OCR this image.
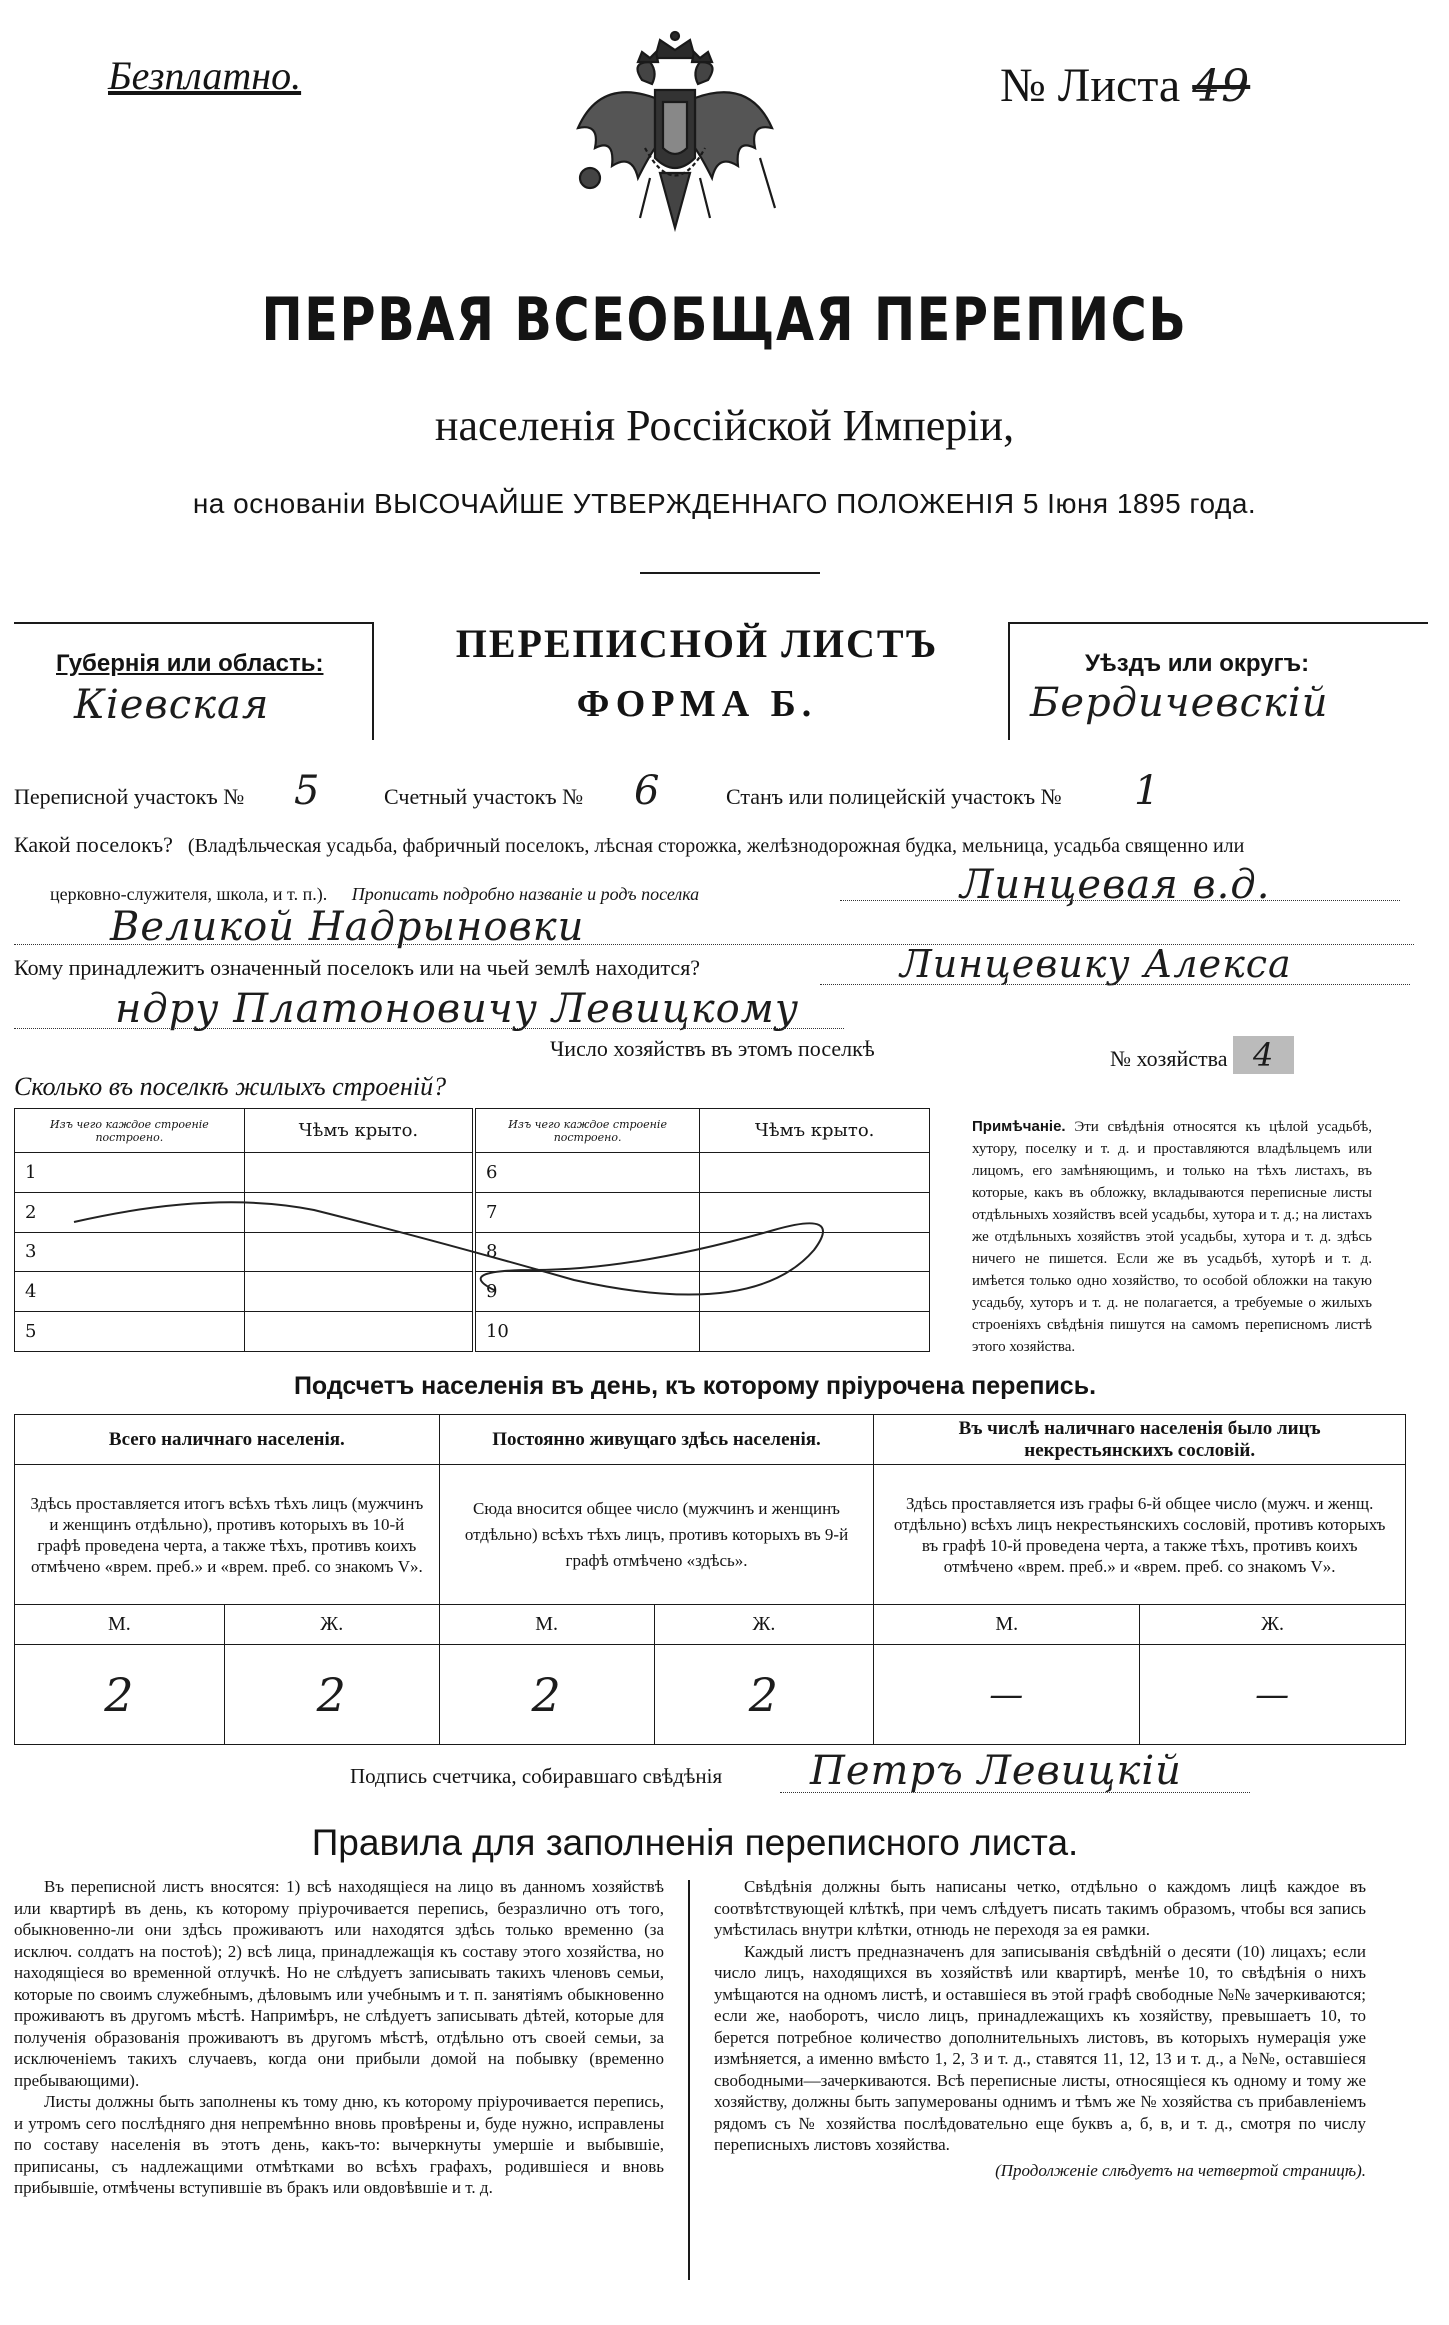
Безплатно.	№ Листа 49
ПЕРВАЯ ВСЕОБЩАЯ ПЕРЕПИСЬ
населенія Россійской Имперіи,
на основаніи ВЫСОЧАЙШЕ УТВЕРЖДЕННАГО ПОЛОЖЕНІЯ 5 Іюня 1895 года.
Губернія или область:
Кіевская
ПЕРЕПИСНОЙ ЛИСТЪ
ФОРМА Б.
Уѣздъ или округъ:
Бердичевскій
Переписной участокъ № 5	Счетный участокъ № 6	Станъ или полицейскій участокъ № 1
Какой поселокъ? (Владѣльческая усадьба, фабричный поселокъ, лѣсная сторожка, желѣзнодорожная будка, мельница, усадьба священно или
церковно-служителя, школа, и т. п.). Прописать подробно названіе и родъ поселка	Линцевая в.д.
Великой Надрыновки
Кому принадлежитъ означенный поселокъ или на чьей землѣ находится?	Линцевику Алекса
ндру Платоновичу Левицкому
Число хозяйствъ въ этомъ поселкѣ	№ хозяйства 4
Сколько въ поселкѣ жилыхъ строеній?
Изъ чего каждое строеніе построено.	Чѣмъ крыто.	Изъ чего каждое строеніе построено.	Чѣмъ крыто.
1		6	
2		7	
3		8	
4		9	
5		10	
Примѣчаніе. Эти свѣдѣнія относятся къ цѣлой усадьбѣ, хутору, поселку и т. д. и проставляются владѣльцемъ или лицомъ, его замѣняющимъ, и только на тѣхъ листахъ, въ которые, какъ въ обложку, вкладываются переписные листы отдѣльныхъ хозяйствъ всей усадьбы, хутора и т. д.; на листахъ же отдѣльныхъ хозяйствъ этой усадьбы, хутора и т. д. здѣсь ничего не пишется. Если же въ усадьбѣ, хуторѣ и т. д. имѣется только одно хозяйство, то особой обложки на такую усадьбу, хуторъ и т. д. не полагается, а требуемые о жилыхъ строеніяхъ свѣдѣнія пишутся на самомъ переписномъ листѣ этого хозяйства.
Подсчетъ населенія въ день, къ которому пріурочена перепись.
Всего наличнаго населенія.		Постоянно живущаго здѣсь населенія.		Въ числѣ наличнаго населенія было лицъ некрестьянскихъ сословій.	
Здѣсь проставляется итогъ всѣхъ тѣхъ лицъ (мужчинъ и женщинъ отдѣльно), противъ которыхъ въ 10-й графѣ проведена черта, а также тѣхъ, противъ коихъ отмѣчено «врем. преб.» и «врем. преб. со знакомъ V».		Сюда вносится общее число (мужчинъ и женщинъ отдѣльно) всѣхъ тѣхъ лицъ, противъ которыхъ въ 9-й графѣ отмѣчено «здѣсь».		Здѣсь проставляется изъ графы 6-й общее число (мужч. и женщ. отдѣльно) всѣхъ лицъ некрестьянскихъ сословій, противъ которыхъ въ графѣ 10-й проведена черта, а также тѣхъ, противъ коихъ отмѣчено «врем. преб.» и «врем. преб. со знакомъ V».	
М.	Ж.	М.	Ж.	М.	Ж.
2	2	2	2	—	—
Подпись счетчика, собиравшаго свѣдѣнія Петръ Левицкій
Правила для заполненія переписного листа.

Въ переписной листъ вносятся: 1) всѣ находящіеся на лицо въ данномъ хозяйствѣ или квартирѣ въ день, къ которому пріурочивается перепись, безразлично отъ того, обыкновенно-ли они здѣсь проживаютъ или находятся здѣсь только временно (за исключ. солдатъ на постоѣ); 2) всѣ лица, принадлежащія къ составу этого хозяйства, но находящіеся во временной отлучкѣ. Но не слѣдуетъ записывать такихъ членовъ семьи, которые по своимъ служебнымъ, дѣловымъ или учебнымъ и т. п. занятіямъ обыкновенно проживаютъ въ другомъ мѣстѣ. Напримѣръ, не слѣдуетъ записывать дѣтей, которые для полученія образованія проживаютъ въ другомъ мѣстѣ, отдѣльно отъ своей семьи, за исключеніемъ такихъ случаевъ, когда они прибыли домой на побывку (временно пребывающими).

Листы должны быть заполнены къ тому дню, къ которому пріурочивается перепись, и утромъ сего послѣдняго дня непремѣнно вновь провѣрены и, буде нужно, исправлены по составу населенія въ этотъ день, какъ-то: вычеркнуты умершіе и выбывшіе, приписаны, съ надлежащими отмѣтками во всѣхъ графахъ, родившіеся и вновь прибывшіе, отмѣчены вступившіе въ бракъ или овдовѣвшіе и т. д.

Свѣдѣнія должны быть написаны четко, отдѣльно о каждомъ лицѣ каждое въ соотвѣтствующей клѣткѣ, при чемъ слѣдуетъ писать такимъ образомъ, чтобы вся запись умѣстилась внутри клѣтки, отнюдь не переходя за ея рамки.

Каждый листъ предназначенъ для записыванія свѣдѣній о десяти (10) лицахъ; если число лицъ, находящихся въ хозяйствѣ или квартирѣ, менѣе 10, то свѣдѣнія о нихъ умѣщаются на одномъ листѣ, и оставшіеся въ этой графѣ свободные №№ зачеркиваются; если же, наоборотъ, число лицъ, принадлежащихъ къ хозяйству, превышаетъ 10, то берется потребное количество дополнительныхъ листовъ, въ которыхъ нумерація уже измѣняется, а именно вмѣсто 1, 2, 3 и т. д., ставятся 11, 12, 13 и т. д., а №№, оставшіеся свободными—зачеркиваются. Всѣ переписные листы, относящіеся къ одному и тому же хозяйству, должны быть запумерованы однимъ и тѣмъ же № хозяйства съ прибавленіемъ рядомъ съ № хозяйства послѣдовательно еще буквъ а, б, в, и т. д., смотря по числу переписныхъ листовъ хозяйства.

(Продолженіе слѣдуетъ на четвертой страницѣ).
